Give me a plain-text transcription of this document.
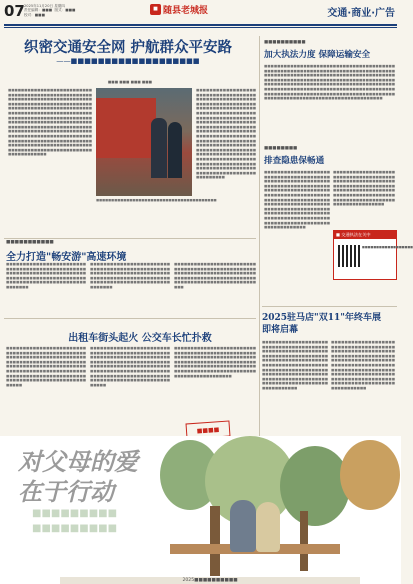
07 2025年11月20日 星期四
责任编辑：■■■  版式：■■■
校对：■■■
■ 随县老城报	交通·商业·广告
织密交通安全网 护航群众平安路
——■■■■■■■■■■■■■■■■■■■
■■■ ■■■ ■■■ ■■■
■■■■■■■■■■■■■■■■■■■■■■■■■■■■■■■■■■■■■■■■■■■■■■■■■■■■■■■■■■■■■■■■■■■■■■■■■■■■■■■■■■■■■■■■■■■■■■■■■■■■■■■■■■■■■■■■■■■■■■■■■■■■■■■■■■■■■■■■■■■■■■■■■■■■■■■■■■■■■■■■■■■■■■■■■■■■■■■■■■■■■■■■■■■■■■■■■■■■■■■■■■■■■■■■■■■■■■■■■■■■■■■■■■■■■■■■■■■■■■■■■■■■■■■■■■■■■■■■■■■■■■■■■■■■■■■■■■■■■■■■■■■■■■■■■■■■■■■■■■■■■■■■■■■■■■■■■■■■■■■■■■■■■■■■■■■■■■■■■■■■■■■■■■■■■■■■■■■■■■■■■■■■■■■■■■■■■■■■
■■■■■■■■■■■■■■■■■■■■■■■■■■■■■■■■■■■■■■■■
■■■■■■■■■■■■■■■■■■■■■■■■■■■■■■■■■■■■■■■■■■■■■■■■■■■■■■■■■■■■■■■■■■■■■■■■■■■■■■■■■■■■■■■■■■■■■■■■■■■■■■■■■■■■■■■■■■■■■■■■■■■■■■■■■■■■■■■■■■■■■■■■■■■■■■■■■■■■■■■■■■■■■■■■■■■■■■■■■■■■■■■■■■■■■■■■■■■■■■■■■■■■■■■■■■■■■■■■■■■■■■■■■■■■■■■■■■■■■■■■■■■■■■■■■■■■■■■■■■■■■■■■■■■■■■■■■■■■■■■■■■■■■■■■■■■■■■■■■■■■■■■■■■■■■■■■■■■■■■■■■■■■■■■■■■■■■■■■■■■■■■■■■■■■■■■
■■■■■■■■■■
加大执法力度 保障运输安全
■■■■■■■■■■■■■■■■■■■■■■■■■■■■■■■■■■■■■■■■■■■■■■■■■■■■■■■■■■■■■■■■■■■■■■■■■■■■■■■■■■■■■■■■■■■■■■■■■■■■■■■■■■■■■■■■■■■■■■■■■■■■■■■■■■■■■■■■■■■■■■■■■■■■■■■■■■■■■■■■■■■■■■■■■■■■■■■■■■■■■■■■■■■■■■■■■■■■■■■■■■■■■■■■■■■■■■■■■■■■■■■■■■■■■■■■■■■■■■■■■■■■■■■■■■■■■■■■■■■■■■■■■■■■■■■■■■■■■■■■■■■■■■■■■■■■■■■■■■■■■■■■■■■■■■■■■■■■■
■■■■■■■■
排查隐患保畅通
■■■■■■■■■■■■■■■■■■■■■■■■■■■■■■■■■■■■■■■■■■■■■■■■■■■■■■■■■■■■■■■■■■■■■■■■■■■■■■■■■■■■■■■■■■■■■■■■■■■■■■■■■■■■■■■■■■■■■■■■■■■■■■■■■■■■■■■■■■■■■■■■■■■■■■■■■■■■■■■■■■■■■■■■■■■■■■■■■■■■■■■■■■■■■■■■■■■■■■■■■■■■■■■■■■■■■■■■■■■■■■■■■■■■■■■■■■■■■■■■■■■■■■■■■■■■■
■■■■■■■■■■■■■■■■■■■■■■■■■■■■■■■■■■■■■■■■■■■■■■■■■■■■■■■■■■■■■■■■■■■■■■■■■■■■■■■■■■■■■■■■■■■■■■■■■■■■■■■■■■■■■■■■■■■■■■■■■■■■■■■■■■■■■■■■■■■■■■■■■■■■■
■ 交通执法在关中
■■■■■■■■■■■■■■■■■■
2025驻马店"双11"年终车展 即将启幕
■■■■■■■■■■■■■■■■■■■■■■■■■■■■■■■■■■■■■■■■■■■■■■■■■■■■■■■■■■■■■■■■■■■■■■■■■■■■■■■■■■■■■■■■■■■■■■■■■■■■■■■■■■■■■■■■■■■■■■■■■■■■■■■■■■■■■■■■■■■■■■■■■■■■■■■■■■■■■■■■■■■■■■■■■■■■■■■■■■■■■■■■■■■■■■■■■■■■■■■■■■■■■■■■■■■
■■■■■■■■■■■■■■■■■■■■■■■■■■■■■■■■■■■■■■■■■■■■■■■■■■■■■■■■■■■■■■■■■■■■■■■■■■■■■■■■■■■■■■■■■■■■■■■■■■■■■■■■■■■■■■■■■■■■■■■■■■■■■■■■■■■■■■■■■■■■■■■■■■■■■■■■■■■■■■■■■■■■■■■■■■■■■■■■■■■■■■■■■■■■■■■■■■■■■■■■■
■■■■■■■■■■■
全力打造"畅安游"高速环境
■■■■■■■■■■■■■■■■■■■■■■■■■■■■■■■■■■■■■■■■■■■■■■■■■■■■■■■■■■■■■■■■■■■■■■■■■■■■■■■■■■■■■■■■■■■■■■■■■■■■■■■■■■■■■■■■■■■■■■■■■■■■■■■
■■■■■■■■■■■■■■■■■■■■■■■■■■■■■■■■■■■■■■■■■■■■■■■■■■■■■■■■■■■■■■■■■■■■■■■■■■■■■■■■■■■■■■■■■■■■■■■■■■■■■■■■■■■■■■■■■■■■■■■■■■■■■■■
■■■■■■■■■■■■■■■■■■■■■■■■■■■■■■■■■■■■■■■■■■■■■■■■■■■■■■■■■■■■■■■■■■■■■■■■■■■■■■■■■■■■■■■■■■■■■■■■■■■■■■■■■■■■■■■■■■■■■■■■■■■■■■■■
出租车街头起火 公交车长忙扑救
■■■■■■■■■■■■■■■■■■■■■■■■■■■■■■■■■■■■■■■■■■■■■■■■■■■■■■■■■■■■■■■■■■■■■■■■■■■■■■■■■■■■■■■■■■■■■■■■■■■■■■■■■■■■■■■■■■■■■■■■■■■■■■■■■■■■■■■■■■■■■■■■■■■■■■■■■■■■■■■■■■■■■■■■■■■■■■■■■■■■■■■■■■■■■■■■■■■■■
■■■■■■■■■■■■■■■■■■■■■■■■■■■■■■■■■■■■■■■■■■■■■■■■■■■■■■■■■■■■■■■■■■■■■■■■■■■■■■■■■■■■■■■■■■■■■■■■■■■■■■■■■■■■■■■■■■■■■■■■■■■■■■■■■■■■■■■■■■■■■■■■■■■■■■■■■■■■■■■■■■■■■■■■■■■■■■■■■■■■■■■■■■■■■■■■■■■■■
■■■■■■■■■■■■■■■■■■■■■■■■■■■■■■■■■■■■■■■■■■■■■■■■■■■■■■■■■■■■■■■■■■■■■■■■■■■■■■■■■■■■■■■■■■■■■■■■■■■■■■■■■■■■■■■■■■■■■■■■■■■■■■■■■■■■■■■■■■■■■■■■■■■■■■■■■■■■■■■■■■■■■■■■
■■■■
对父母的爱
在于行动
■■■■■■■■■
■■■■■■■■■
2025■■■■■■■■■■
